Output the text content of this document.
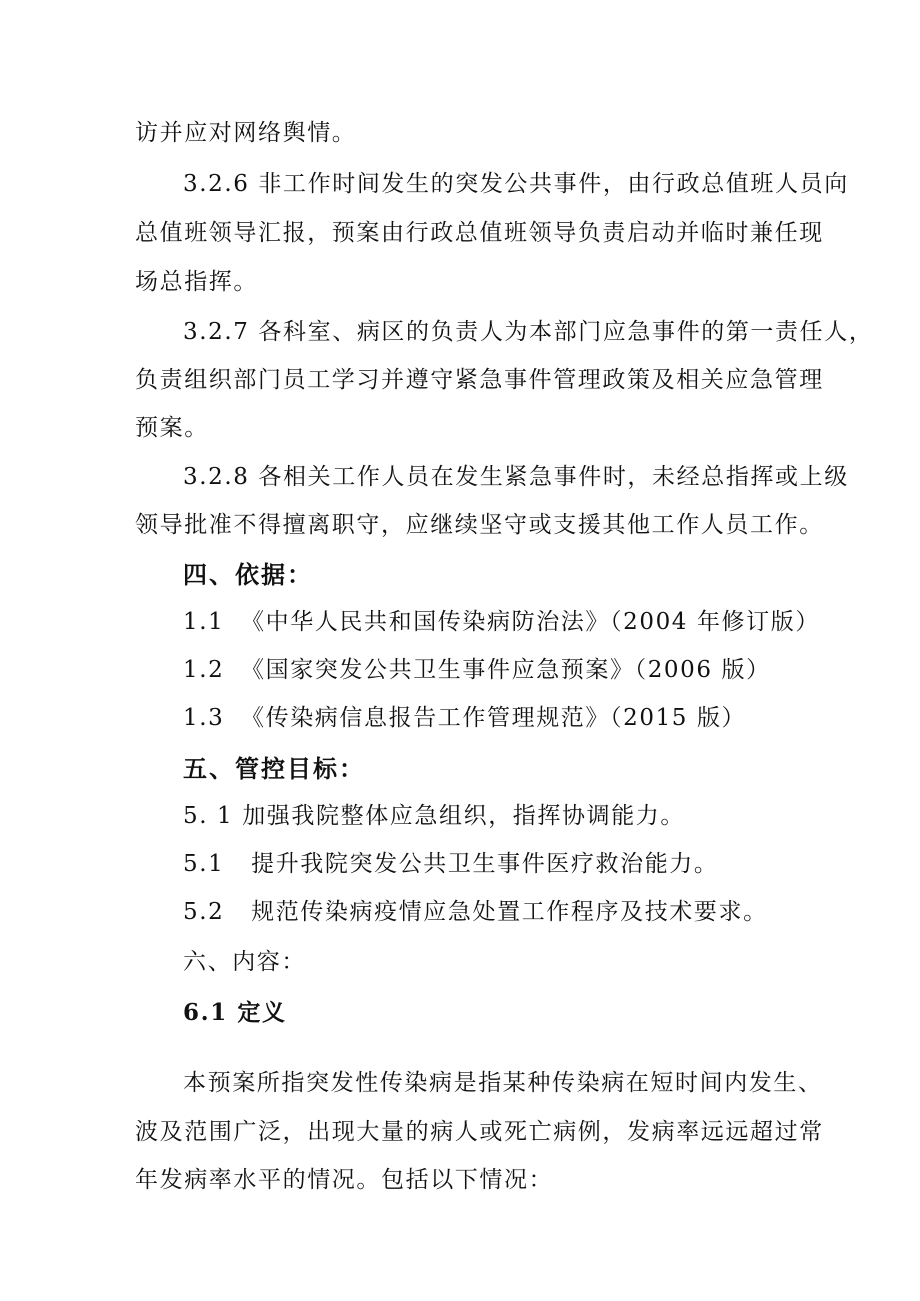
访并应对网络舆情。
3.2.6 非工作时间发生的突发公共事件，由行政总值班人员向
总值班领导汇报，预案由行政总值班领导负责启动并临时兼任现
场总指挥。
3.2.7 各科室、病区的负责人为本部门应急事件的第一责任人，
负责组织部门员工学习并遵守紧急事件管理政策及相关应急管理
预案。
3.2.8 各相关工作人员在发生紧急事件时，未经总指挥或上级
领导批准不得擅离职守，应继续坚守或支援其他工作人员工作。
四、依据：
1.1 《中华人民共和国传染病防治法》（2004 年修订版）
1.2 《国家突发公共卫生事件应急预案》（2006 版）
1.3 《传染病信息报告工作管理规范》（2015 版）
五、管控目标：
5. 1 加强我院整体应急组织，指挥协调能力。
5.1   提升我院突发公共卫生事件医疗救治能力。
5.2   规范传染病疫情应急处置工作程序及技术要求。
六、内容：
6.1 定义
本预案所指突发性传染病是指某种传染病在短时间内发生、
波及范围广泛，出现大量的病人或死亡病例，发病率远远超过常
年发病率水平的情况。包括以下情况：
